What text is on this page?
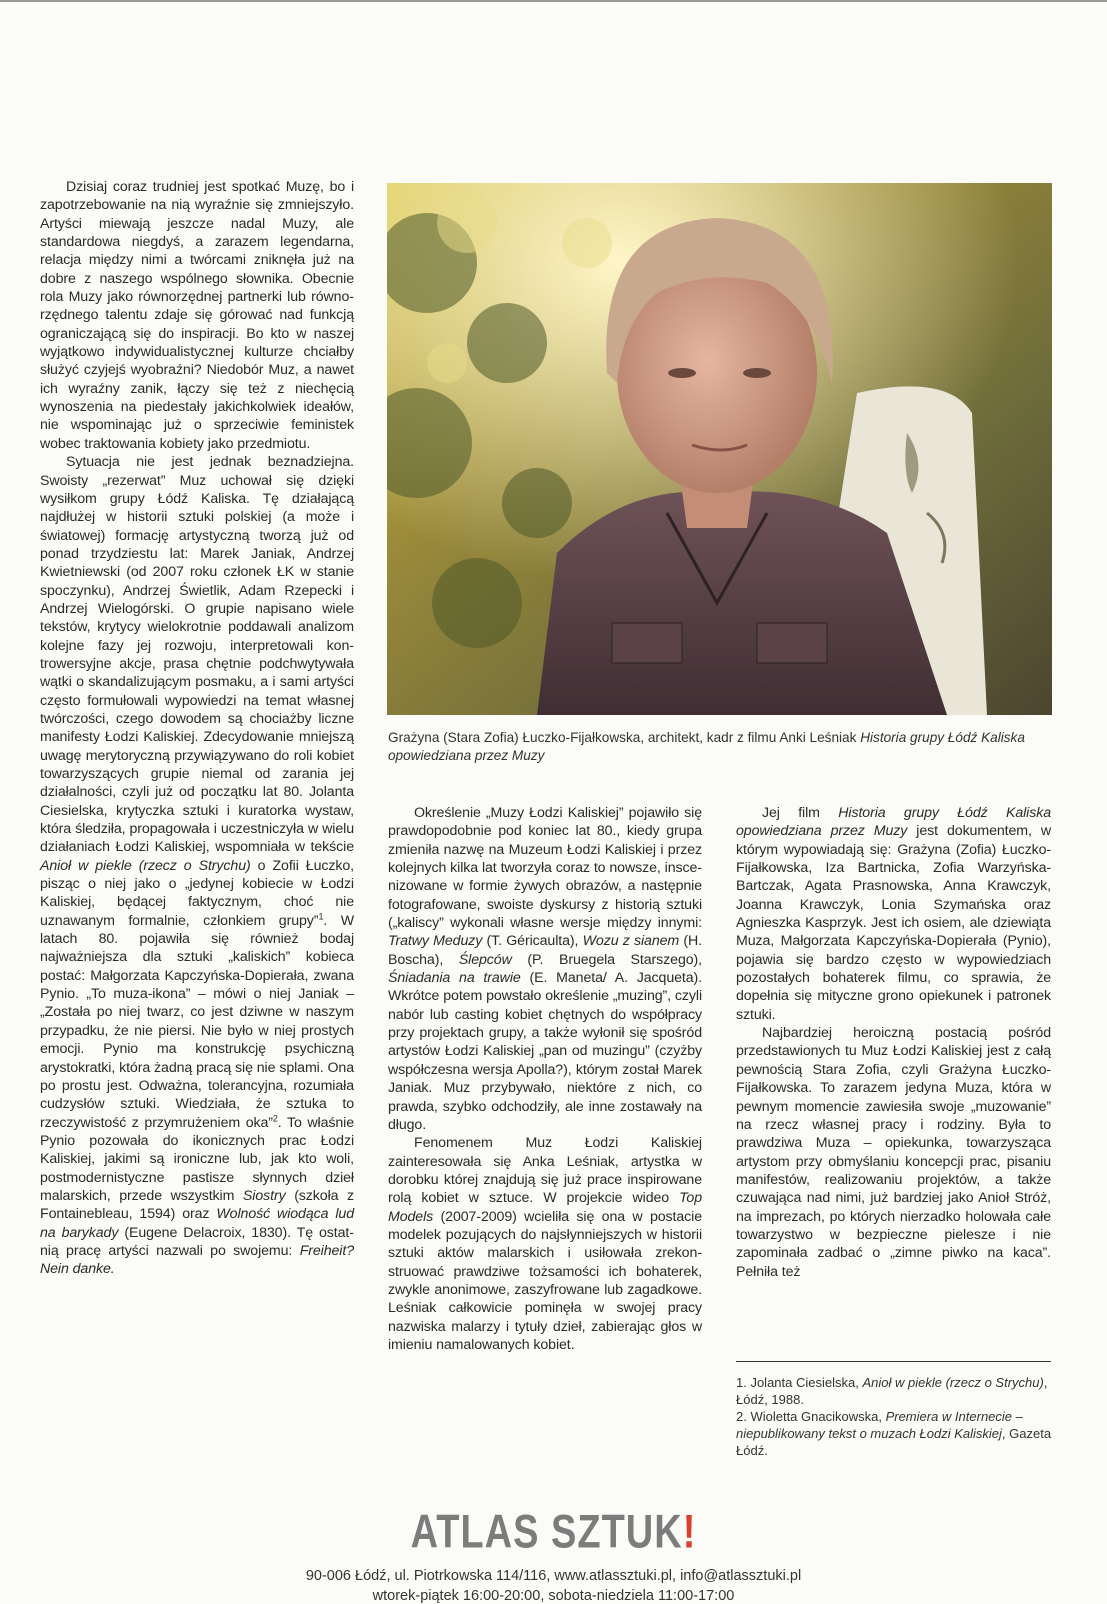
Dzisiaj coraz trudniej jest spotkać Muzę, bo i zapotrzebowanie na nią wyraźnie się zmniejszyło. Artyści miewają jeszcze nadal Muzy, ale standardowa niegdyś, a zarazem legendarna, relacja między nimi a twórcami zniknęła już na dobre z naszego wspólnego słownika. Obecnie rola Muzy jako równorzędnej partnerki lub równorzędnego talentu zdaje się górować nad funkcją ograniczającą się do inspiracji. Bo kto w naszej wyjątkowo indywidualistycznej kulturze chciałby służyć czyjejś wyobraźni? Niedobór Muz, a nawet ich wyraźny zanik, łączy się też z niechęcią wynoszenia na piedestały jakichkolwiek ideałów, nie wspominając już o sprzeciwie feministek wobec traktowania kobiety jako przedmiotu.

Sytuacja nie jest jednak beznadziejna. Swoisty „rezerwat” Muz uchował się dzięki wysiłkom grupy Łódź Kaliska. Tę działającą najdłużej w historii sztuki polskiej (a może i światowej) formację artystyczną tworzą już od ponad trzydziestu lat: Marek Janiak, Andrzej Kwietniewski (od 2007 roku członek ŁK w stanie spoczynku), Andrzej Świetlik, Adam Rzepecki i Andrzej Wielogórski. O grupie napisano wiele tekstów, krytycy wielokrotnie poddawali analizom kolejne fazy jej rozwoju, interpretowali kontrowersyjne akcje, prasa chętnie podchwytywała wątki o skandalizującym posmaku, a i sami artyści często formułowali wypowiedzi na temat własnej twórczości, czego dowodem są chociażby liczne manifesty Łodzi Kaliskiej. Zdecydowanie mniejszą uwagę merytoryczną przywiązywano do roli kobiet towarzyszących grupie niemal od zarania jej działalności, czyli już od początku lat 80. Jolanta Ciesielska, krytyczka sztuki i kuratorka wystaw, która śledziła, propagowała i uczestniczyła w wielu działaniach Łodzi Kaliskiej, wspomniała w tekście Anioł w piekle (rzecz o Strychu) o Zofii Łuczko, pisząc o niej jako o „jedynej kobiecie w Łodzi Kaliskiej, będącej faktycznym, choć nie uznawanym formalnie, członkiem grupy”$^1$. W latach 80. pojawiła się również bodaj najważniejsza dla sztuki „kaliskich” kobieca postać: Małgorzata Kapczyńska-Dopierała, zwana Pynio. „To muza-ikona” – mówi o niej Janiak – „Została po niej twarz, co jest dziwne w naszym przypadku, że nie piersi. Nie było w niej prostych emocji. Pynio ma konstrukcję psychiczną arystokratki, która żadną pracą się nie splami. Ona po prostu jest. Odważna, tolerancyjna, rozumiała cudzysłów sztuki. Wiedziała, że sztuka to rzeczywistość z przymrużeniem oka”$^2$. To właśnie Pynio pozowała do ikonicznych prac Łodzi Kaliskiej, jakimi są ironiczne lub, jak kto woli, postmodernistyczne pastisze słynnych dzieł malarskich, przede wszystkim Siostry (szkoła z Fontainebleau, 1594) oraz Wolność wiodąca lud na barykady (Eugene Delacroix, 1830). Tę ostatnią pracę artyści nazwali po swojemu: Freiheit? Nein danke.

Grażyna (Stara Zofia) Łuczko-Fijałkowska, architekt, kadr z filmu Anki Leśniak Historia grupy Łódź Kaliska opowiedziana przez Muzy

Określenie „Muzy Łodzi Kaliskiej” pojawiło się prawdopodobnie pod koniec lat 80., kiedy grupa zmieniła nazwę na Muzeum Łodzi Kaliskiej i przez kolejnych kilka lat tworzyła coraz to nowsze, inscenizowane w formie żywych obrazów, a następnie fotografowane, swoiste dyskursy z historią sztuki („kaliscy” wykonali własne wersje między innymi: Tratwy Meduzy (T. Géricaulta), Wozu z sianem (H. Boscha), Ślepców (P. Bruegela Starszego), Śniadania na trawie (E. Maneta/ A. Jacqueta). Wkrótce potem powstało określenie „muzing”, czyli nabór lub casting kobiet chętnych do współpracy przy projektach grupy, a także wyłonił się spośród artystów Łodzi Kaliskiej „pan od muzingu” (czyżby współczesna wersja Apolla?), którym został Marek Janiak. Muz przybywało, niektóre z nich, co prawda, szybko odchodziły, ale inne zostawały na długo.

Fenomenem Muz Łodzi Kaliskiej zainteresowała się Anka Leśniak, artystka w dorobku której znajdują się już prace inspirowane rolą kobiet w sztuce. W projekcie wideo Top Models (2007-2009) wcieliła się ona w postacie modelek pozujących do najsłynniejszych w historii sztuki aktów malarskich i usiłowała zrekonstruować prawdziwe tożsamości ich bohaterek, zwykle anonimowe, zaszyfrowane lub zagadkowe. Leśniak całkowicie pominęła w swojej pracy nazwiska malarzy i tytuły dzieł, zabierając głos w imieniu namalowanych kobiet.

Jej film Historia grupy Łódź Kaliska opowiedziana przez Muzy jest dokumentem, w którym wypowiadają się: Grażyna (Zofia) Łuczko-Fijałkowska, Iza Bartnicka, Zofia Warzyńska-Bartczak, Agata Prasnowska, Anna Krawczyk, Joanna Krawczyk, Lonia Szymańska oraz Agnieszka Kasprzyk. Jest ich osiem, ale dziewiąta Muza, Małgorzata Kapczyńska-Dopierała (Pynio), pojawia się bardzo często w wypowiedziach pozostałych bohaterek filmu, co sprawia, że dopełnia się mityczne grono opiekunek i patronek sztuki.

Najbardziej heroiczną postacią pośród przedstawionych tu Muz Łodzi Kaliskiej jest z całą pewnością Stara Zofia, czyli Grażyna Łuczko-Fijałkowska. To zarazem jedyna Muza, która w pewnym momencie zawiesiła swoje „muzowanie” na rzecz własnej pracy i rodziny. Była to prawdziwa Muza – opiekunka, towarzysząca artystom przy obmyślaniu koncepcji prac, pisaniu manifestów, realizowaniu projektów, a także czuwająca nad nimi, już bardziej jako Anioł Stróż, na imprezach, po których nierzadko holowała całe towarzystwo w bezpieczne pielesze i nie zapominała zadbać o „zimne piwko na kaca”. Pełniła też

1. Jolanta Ciesielska, Anioł w piekle (rzecz o Strychu), Łódź, 1988.

2. Wioletta Gnacikowska, Premiera w Internecie – niepublikowany tekst o muzach Łodzi Kaliskiej, Gazeta Łódź.

ATLAS SZTUK!
90-006 Łódź, ul. Piotrkowska 114/116, www.atlassztuki.pl, info@atlassztuki.pl
wtorek-piątek 16:00-20:00, sobota-niedziela 11:00-17:00
